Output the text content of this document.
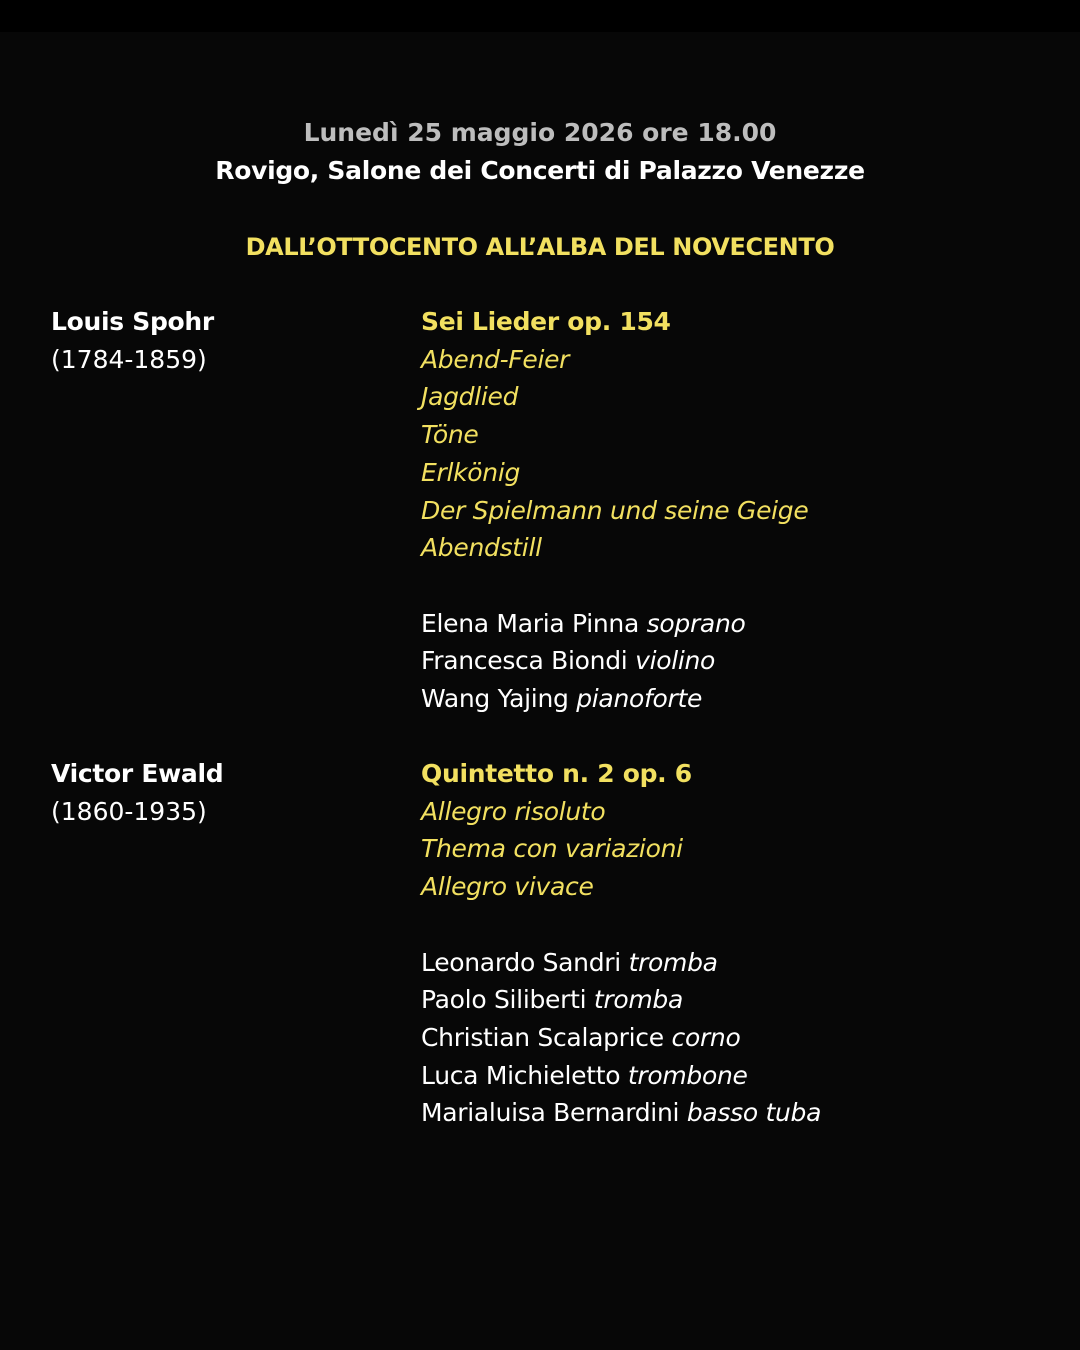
Lunedì 25 maggio 2026 ore 18.00
Rovigo, Salone dei Concerti di Palazzo Venezze
DALL’OTTOCENTO ALL’ALBA DEL NOVECENTO
Louis Spohr
(1784-1859)
Sei Lieder op. 154
Abend-Feier
Jagdlied
Töne
Erlkönig
Der Spielmann und seine Geige
Abendstill
Elena Maria Pinna soprano
Francesca Biondi violino
Wang Yajing pianoforte
Victor Ewald
(1860-1935)
Quintetto n. 2 op. 6
Allegro risoluto
Thema con variazioni
Allegro vivace
Leonardo Sandri tromba
Paolo Siliberti tromba
Christian Scalaprice corno
Luca Michieletto trombone
Marialuisa Bernardini basso tuba
